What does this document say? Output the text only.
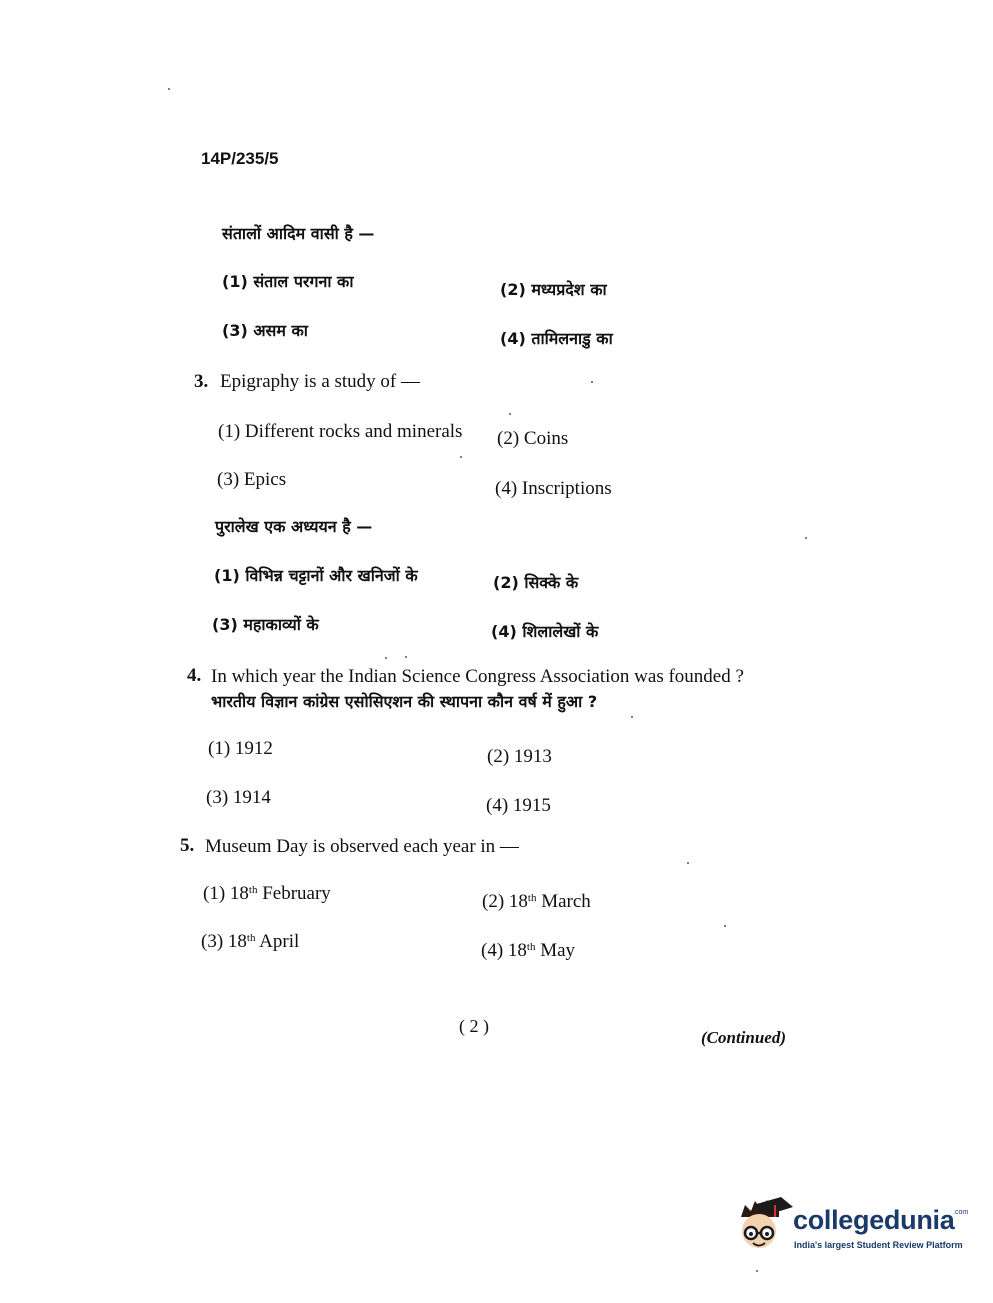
14P/235/5
संतालों आदिम वासी है —
(1) संताल परगना का	(2) मध्यप्रदेश का
(3) असम का	(4) तामिलनाडु का
3. Epigraphy is a study of —
(1) Different rocks and minerals (2) Coins
(3) Epics	(4) Inscriptions
पुरालेख एक अध्ययन है —
(1) विभिन्न चट्टानों और खनिजों के	(2) सिक्के के
(3) महाकाव्यों के	(4) शिलालेखों के
4. In which year the Indian Science Congress Association was founded ?
भारतीय विज्ञान कांग्रेस एसोसिएशन की स्थापना कौन वर्ष में हुआ ?
(1) 1912	(2) 1913
(3) 1914	(4) 1915
5. Museum Day is observed each year in —
(1) 18th February	(2) 18th March
(3) 18th April	(4) 18th May
( 2 )
(Continued)
collegedunia
.com
India's largest Student Review Platform
